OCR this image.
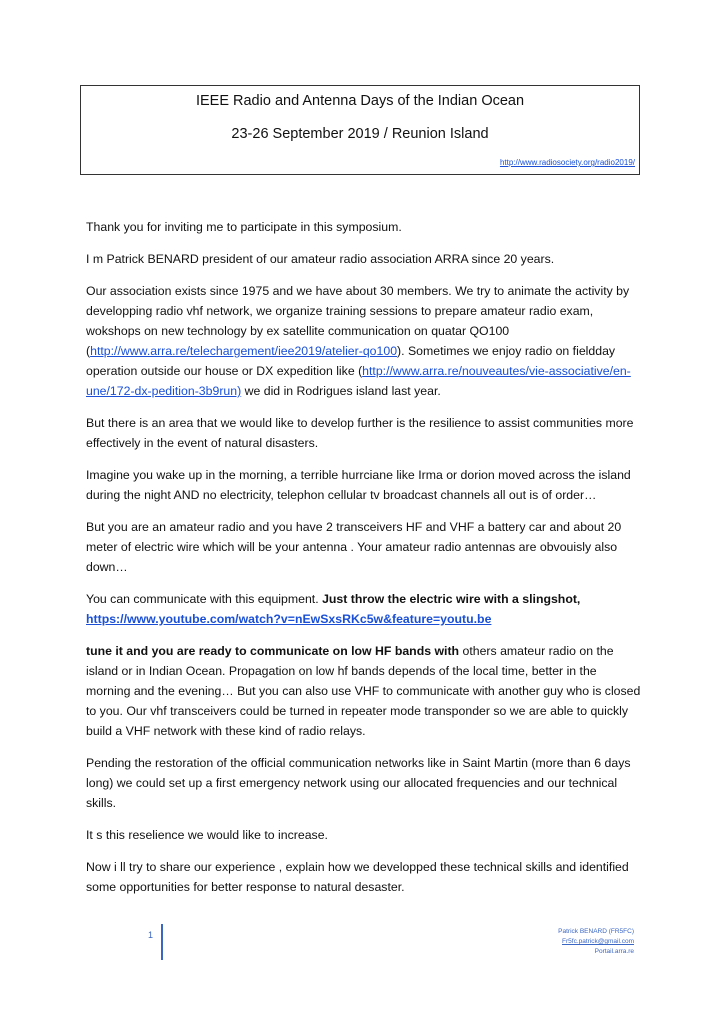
IEEE Radio and Antenna Days of the Indian Ocean
23-26 September 2019 / Reunion Island
http://www.radiosociety.org/radio2019/

Thank you for inviting me to participate in this symposium.

I m Patrick BENARD president of our amateur radio association ARRA since 20 years.

Our association exists since 1975 and we have about 30 members. We try to animate the activity by developping radio vhf network, we organize training sessions to prepare amateur radio exam, wokshops on new technology by ex satellite communication on quatar QO100 (http://www.arra.re/telechargement/iee2019/atelier-qo100). Sometimes we enjoy radio on fieldday operation outside our house or DX expedition like (http://www.arra.re/nouveautes/vie-associative/en-une/172-dx-pedition-3b9run) we did in Rodrigues island last year.

But there is an area that we would like to develop further is the resilience to assist communities more effectively in the event of natural disasters.

Imagine you wake up in the morning, a terrible hurrciane like Irma or dorion moved across the island during the night AND no electricity, telephon cellular tv broadcast channels all out is of order…

But you are an amateur radio and you have 2 transceivers HF and VHF a battery car and about 20 meter of electric wire which will be your antenna . Your amateur radio antennas are obvouisly also down…

You can communicate with this equipment. Just throw the electric wire with a slingshot,
https://www.youtube.com/watch?v=nEwSxsRKc5w&feature=youtu.be

tune it and you are ready to communicate on low HF bands with others amateur radio on the island or in Indian Ocean. Propagation on low hf bands depends of the local time, better in the morning and the evening… But you can also use VHF to communicate with another guy who is closed to you. Our vhf transceivers could be turned in repeater mode transponder so we are able to quickly build a VHF network with these kind of radio relays.

Pending the restoration of the official communication networks like in Saint Martin (more than 6 days long) we could set up a first emergency network using our allocated frequencies and our technical skills.

It s this reselience we would like to increase.

Now i ll try to share our experience , explain how we developped these technical skills and identified some opportunities for better response to natural desaster.

1	Patrick BENARD (FR5FC)
Fr5fc.patrick@gmail.com
Portail.arra.re
